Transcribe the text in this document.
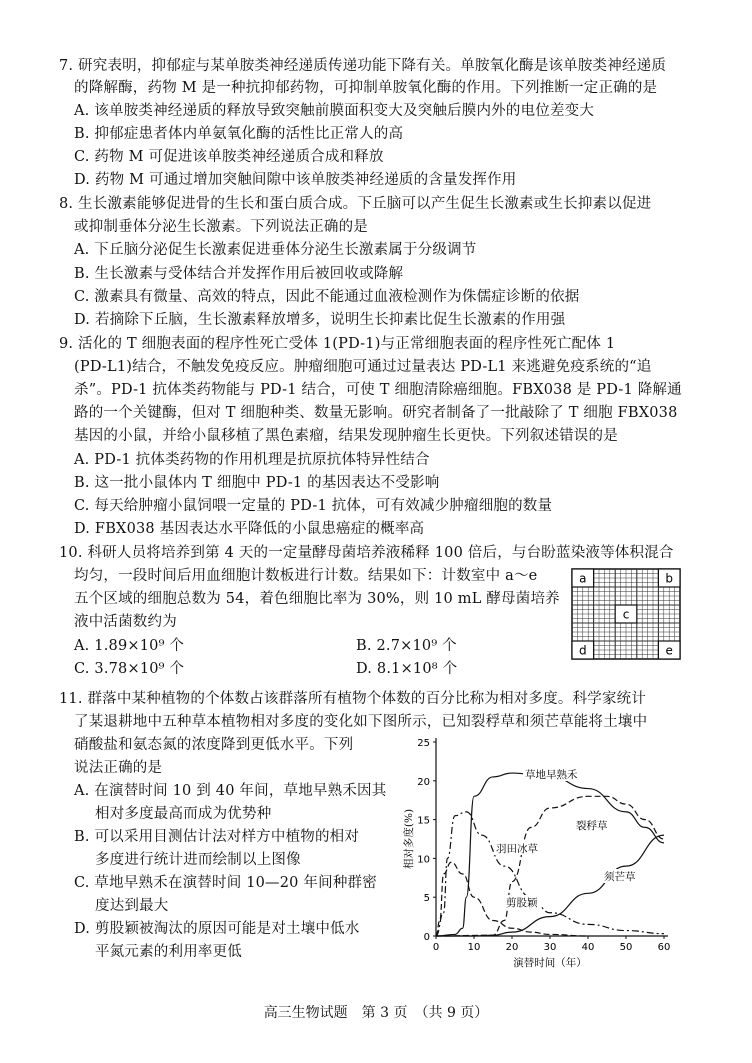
7. 研究表明，抑郁症与某单胺类神经递质传递功能下降有关。单胺氧化酶是该单胺类神经递质
的降解酶，药物 M 是一种抗抑郁药物，可抑制单胺氧化酶的作用。下列推断一定正确的是
A. 该单胺类神经递质的释放导致突触前膜面积变大及突触后膜内外的电位差变大
B. 抑郁症患者体内单氨氧化酶的活性比正常人的高
C. 药物 M 可促进该单胺类神经递质合成和释放
D. 药物 M 可通过增加突触间隙中该单胺类神经递质的含量发挥作用
8. 生长激素能够促进骨的生长和蛋白质合成。下丘脑可以产生促生长激素或生长抑素以促进
或抑制垂体分泌生长激素。下列说法正确的是
A. 下丘脑分泌促生长激素促进垂体分泌生长激素属于分级调节
B. 生长激素与受体结合并发挥作用后被回收或降解
C. 激素具有微量、高效的特点，因此不能通过血液检测作为侏儒症诊断的依据
D. 若摘除下丘脑，生长激素释放增多，说明生长抑素比促生长激素的作用强
9. 活化的 T 细胞表面的程序性死亡受体 1(PD-1)与正常细胞表面的程序性死亡配体 1
(PD-L1)结合，不触发免疫反应。肿瘤细胞可通过过量表达 PD-L1 来逃避免疫系统的“追
杀”。PD-1 抗体类药物能与 PD-1 结合，可使 T 细胞清除癌细胞。FBX038 是 PD-1 降解通
路的一个关键酶，但对 T 细胞种类、数量无影响。研究者制备了一批敲除了 T 细胞 FBX038
基因的小鼠，并给小鼠移植了黑色素瘤，结果发现肿瘤生长更快。下列叙述错误的是
A. PD-1 抗体类药物的作用机理是抗原抗体特异性结合
B. 这一批小鼠体内 T 细胞中 PD-1 的基因表达不受影响
C. 每天给肿瘤小鼠饲喂一定量的 PD-1 抗体，可有效减少肿瘤细胞的数量
D. FBX038 基因表达水平降低的小鼠患癌症的概率高
10. 科研人员将培养到第 4 天的一定量酵母菌培养液稀释 100 倍后，与台盼蓝染液等体积混合
均匀，一段时间后用血细胞计数板进行计数。结果如下：计数室中 a～e
五个区域的细胞总数为 54，着色细胞比率为 30%，则 10 mL 酵母菌培养
液中活菌数约为
A. 1.89×10⁹ 个	B. 2.7×10⁹ 个
C. 3.78×10⁹ 个	D. 8.1×10⁸ 个
a	b
c
d	e
11. 群落中某种植物的个体数占该群落所有植物个体数的百分比称为相对多度。科学家统计
了某退耕地中五种草本植物相对多度的变化如下图所示，已知裂稃草和须芒草能将土壤中
硝酸盐和氨态氮的浓度降到更低水平。下列
说法正确的是
A. 在演替时间 10 到 40 年间，草地早熟禾因其
相对多度最高而成为优势种
B. 可以采用目测估计法对样方中植物的相对
多度进行统计进而绘制以上图像
C. 草地早熟禾在演替时间 10—20 年间种群密
度达到最大
D. 剪股颖被淘汰的原因可能是对土壤中低水
平氮元素的利用率更低
0
5
10
15
20
25
0	10	20	30	40	50	60
演替时间（年）
相对多度(%)
草地早熟禾
裂稃草
羽田冰草
剪股颖
须芒草
高三生物试题　第 3 页　（共 9 页）
